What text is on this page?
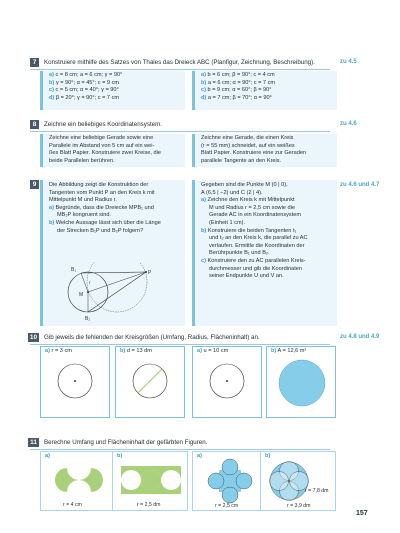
7	Konstruiere mithilfe des Satzes von Thales das Dreieck ABC (Planfigur, Zeichnung, Beschreibung).	zu 4.5
a) c = 8 cm; a = 6 cm; γ = 90°
b) γ = 90°; α = 45°; c = 9 cm
c) c = 5 cm; α = 40°; γ = 90°
d) β = 20°; γ = 90°; c = 7 cm
a) b = 6 cm; β = 90°; c = 4 cm
b) a = 6 cm; α = 90°; c = 7 cm
c) b = 9 cm; α = 60°; β = 90°
d) a = 7 cm; β = 70°; α = 90°
8	Zeichne ein beliebiges Koordinatensystem.	zu 4.6
Zeichne eine beliebige Gerade sowie eine
Parallele im Abstand von 5 cm auf ein wei-
ßes Blatt Papier. Konstruiere zwei Kreise, die
beide Parallelen berühren.
Zeichne eine Gerade, die einen Kreis
(r = 55 mm) schneidet, auf ein weißes
Blatt Papier. Konstruiere eine zur Geraden
parallele Tangente an den Kreis.
9	zu 4.6 und 4.7
Die Abbildung zeigt die Konstruktion der
Tangenten vom Punkt P an den Kreis k mit
Mittelpunkt M und Radius r.
a) Begründe, dass die Dreiecke MPB₁ und
MB₂P kongruent sind.
b) Welche Aussage lässt sich über die Länge
der Strecken B₁P und B₂P folgern?
B₁	P
M
r
B₂
Gegeben sind die Punkte M (0 | 0),
A (6,5 | −2) und C (2 | 4).
a) Zeichne den Kreis k mit Mittelpunkt
M und Radius r = 2,5 cm sowie die
Gerade AC in ein Koordinatensystem
(Einheit 1 cm).
b) Konstruiere die beiden Tangenten t₁
und t₂ an den Kreis k, die parallel zu AC
verlaufen. Ermittle die Koordinaten der
Berührpunkte B₁ und B₂.
c) Konstruiere den zu AC parallelen Kreis-
durchmesser und gib die Koordinaten
seiner Endpunkte U und V an.
10	Gib jeweils die fehlenden der Kreisgrößen (Umfang, Radius, Flächeninhalt) an.	zu 4.8 und 4.9
a) r = 3 cm	b) d = 13 dm	a) u = 10 cm	b) A = 12,6 m²
11	Berechne Umfang und Flächeninhalt der gefärbten Figuren.
a)
r = 4 cm
b)
r = 2,5 dm
a)
r = 2,5 cm
b)
r = 7,8 dm
r = 3,9 dm
157
